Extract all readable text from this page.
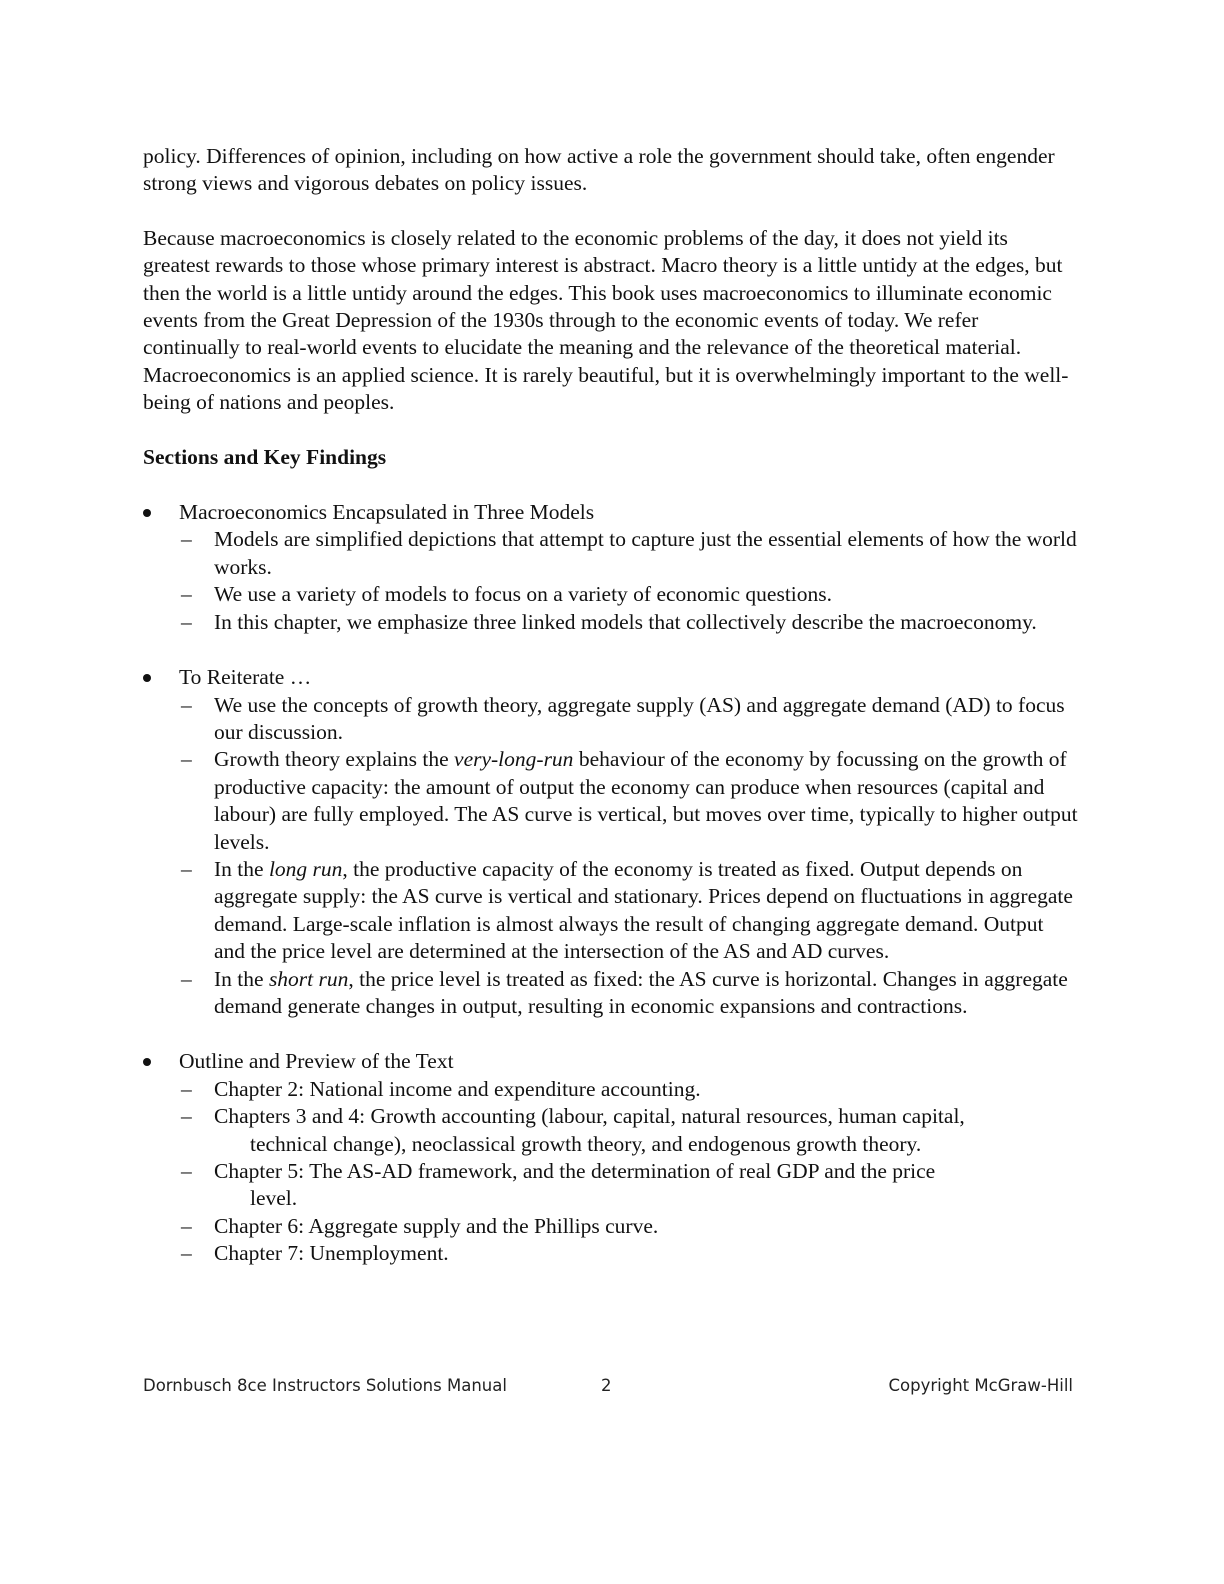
policy. Differences of opinion, including on how active a role the government should take, often engender strong views and vigorous debates on policy issues.

Because macroeconomics is closely related to the economic problems of the day, it does not yield its greatest rewards to those whose primary interest is abstract. Macro theory is a little untidy at the edges, but then the world is a little untidy around the edges. This book uses macroeconomics to illuminate economic events from the Great Depression of the 1930s through to the economic events of today. We refer continually to real-world events to elucidate the meaning and the relevance of the theoretical material. Macroeconomics is an applied science. It is rarely beautiful, but it is overwhelmingly important to the well-being of nations and peoples.

Sections and Key Findings

Macroeconomics Encapsulated in Three Models
– Models are simplified depictions that attempt to capture just the essential elements of how the world works.
– We use a variety of models to focus on a variety of economic questions.
– In this chapter, we emphasize three linked models that collectively describe the macroeconomy.
To Reiterate …
– We use the concepts of growth theory, aggregate supply (AS) and aggregate demand (AD) to focus our discussion.
– Growth theory explains the very-long-run behaviour of the economy by focussing on the growth of productive capacity: the amount of output the economy can produce when resources (capital and labour) are fully employed. The AS curve is vertical, but moves over time, typically to higher output levels.
– In the long run, the productive capacity of the economy is treated as fixed. Output depends on aggregate supply: the AS curve is vertical and stationary. Prices depend on fluctuations in aggregate demand. Large-scale inflation is almost always the result of changing aggregate demand. Output and the price level are determined at the intersection of the AS and AD curves.
– In the short run, the price level is treated as fixed: the AS curve is horizontal. Changes in aggregate demand generate changes in output, resulting in economic expansions and contractions.
Outline and Preview of the Text
– Chapter 2: National income and expenditure accounting.
– Chapters 3 and 4: Growth accounting (labour, capital, natural resources, human capital,
technical change), neoclassical growth theory, and endogenous growth theory.
– Chapter 5: The AS-AD framework, and the determination of real GDP and the price
level.
– Chapter 6: Aggregate supply and the Phillips curve.
– Chapter 7: Unemployment.
Dornbusch 8ce Instructors Solutions Manual	2	Copyright McGraw-Hill
